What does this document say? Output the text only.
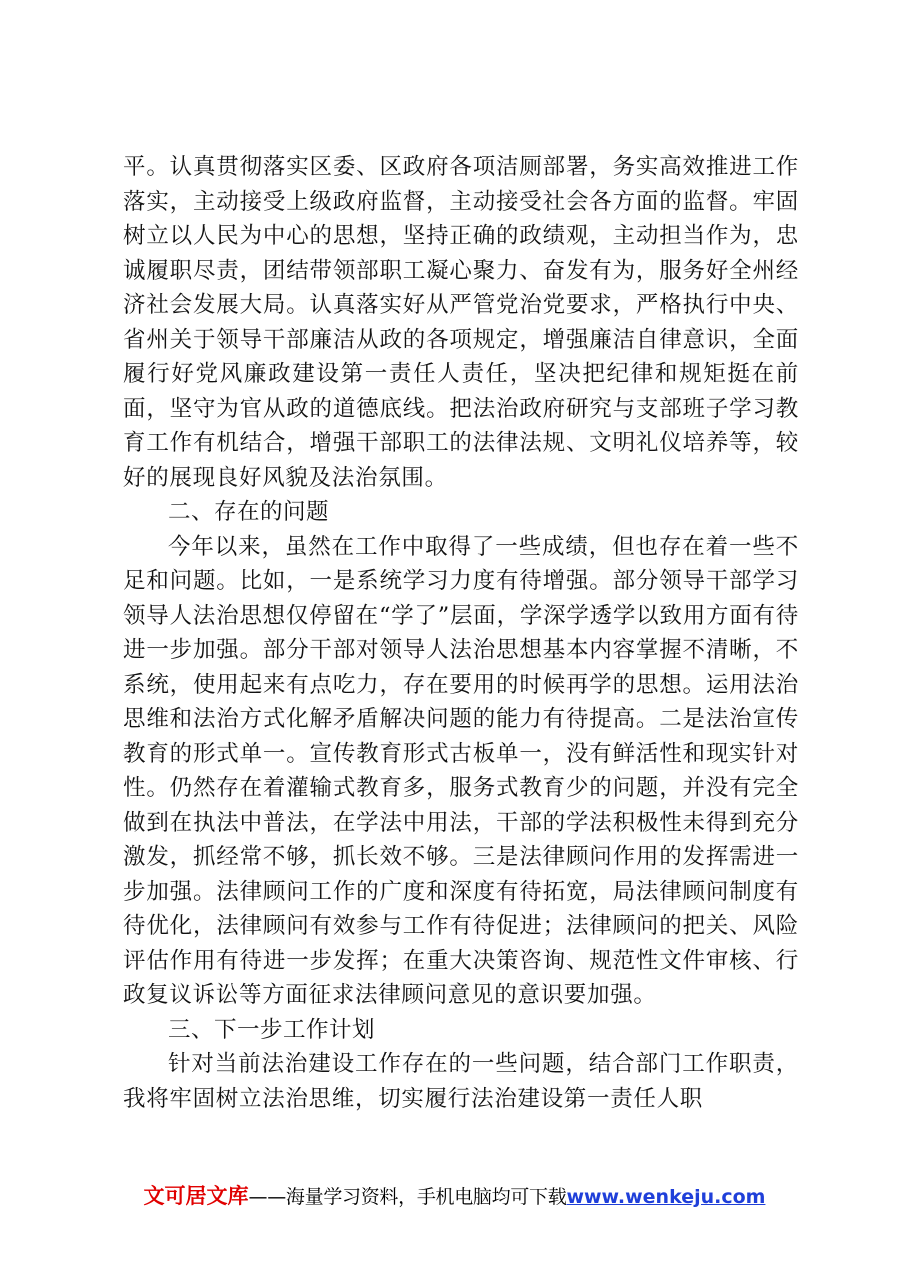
平。认真贯彻落实区委、区政府各项洁厕部署，务实高效推进工作落实，主动接受上级政府监督，主动接受社会各方面的监督。牢固树立以人民为中心的思想，坚持正确的政绩观，主动担当作为，忠诚履职尽责，团结带领部职工凝心聚力、奋发有为，服务好全州经济社会发展大局。认真落实好从严管党治党要求，严格执行中央、省州关于领导干部廉洁从政的各项规定，增强廉洁自律意识，全面履行好党风廉政建设第一责任人责任，坚决把纪律和规矩挺在前面，坚守为官从政的道德底线。把法治政府研究与支部班子学习教育工作有机结合，增强干部职工的法律法规、文明礼仪培养等，较好的展现良好风貌及法治氛围。

二、存在的问题

今年以来，虽然在工作中取得了一些成绩，但也存在着一些不足和问题。比如，一是系统学习力度有待增强。部分领导干部学习领导人法治思想仅停留在“学了”层面，学深学透学以致用方面有待进一步加强。部分干部对领导人法治思想基本内容掌握不清晰，不系统，使用起来有点吃力，存在要用的时候再学的思想。运用法治思维和法治方式化解矛盾解决问题的能力有待提高。二是法治宣传教育的形式单一。宣传教育形式古板单一，没有鲜活性和现实针对性。仍然存在着灌输式教育多，服务式教育少的问题，并没有完全做到在执法中普法，在学法中用法，干部的学法积极性未得到充分激发，抓经常不够，抓长效不够。三是法律顾问作用的发挥需进一步加强。法律顾问工作的广度和深度有待拓宽，局法律顾问制度有待优化，法律顾问有效参与工作有待促进；法律顾问的把关、风险评估作用有待进一步发挥；在重大决策咨询、规范性文件审核、行政复议诉讼等方面征求法律顾问意见的意识要加强。

三、下一步工作计划

针对当前法治建设工作存在的一些问题，结合部门工作职责，我将牢固树立法治思维，切实履行法治建设第一责任人职

文可居文库——海量学习资料，手机电脑均可下载www.wenkeju.com
